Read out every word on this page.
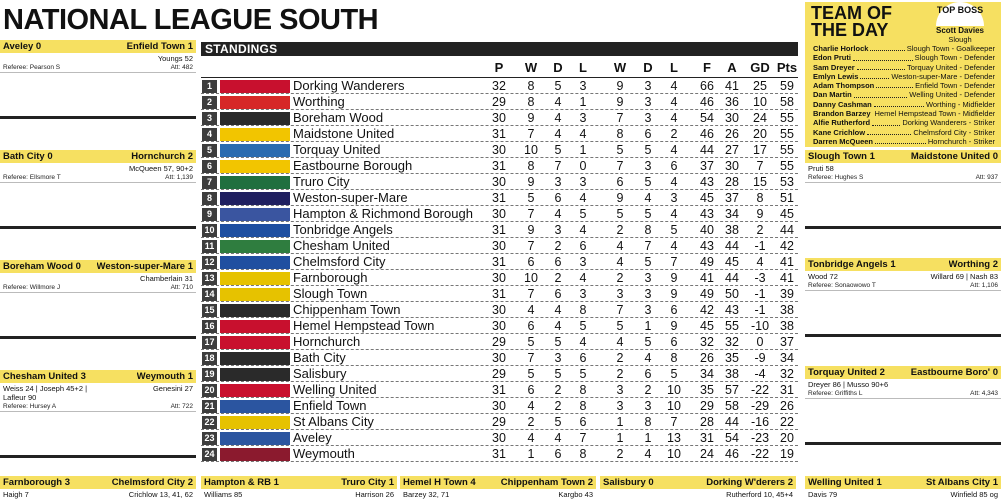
NATIONAL LEAGUE SOUTH
Aveley 0	Enfield Town 1
Youngs 52
Referee: Pearson S	Att: 482
Bath City 0	Hornchurch 2
McQueen 57, 90+2
Referee: Ellsmore T	Att: 1,139
Boreham Wood 0 Weston-super-Mare 1
Chamberlain 31
Referee: Willmore J	Att: 710
Chesham United 3	Weymouth 1
Weiss 24 | Joseph 45+2 | Lafleur 90
Genesini 27
Referee: Hursey A	Att: 722
STANDINGS
P	W	D	L	W	D	L	F	A	GD Pts
1	Dorking Wanderers	32	8	5	3	9	3	4	66 41	25	59
2	Worthing	29	8	4	1	9	3	4	46 36	10	58
3	Boreham Wood	30	9	4	3	7	3	4	54 30	24	55
4	Maidstone United	31	7	4	4	8	6	2	46 26	20	55
5	Torquay United	30	10	5	1	5	5	4	44 27	17	55
6	Eastbourne Borough	31	8	7	0	7	3	6	37 30	7	55
7	Truro City	30	9	3	3	6	5	4	43 28	15	53
8	Weston-super-Mare	31	5	6	4	9	4	3	45 37	8	51
9	Hampton & Richmond Borough	30	7	4	5	5	5	4	43 34	9	45
10	Tonbridge Angels	31	9	3	4	2	8	5	40 38	2	44
11	Chesham United	30	7	2	6	4	7	4	43 44	-1	42
12	Chelmsford City	31	6	6	3	4	5	7	49 45	4	41
13	Farnborough	30	10	2	4	2	3	9	41 44	-3	41
14	Slough Town	31	7	6	3	3	3	9	49 50	-1	39
15	Chippenham Town	30	4	4	8	7	3	6	42 43	-1	38
16	Hemel Hempstead Town	30	6	4	5	5	1	9	45 55 -10 38
17	Hornchurch	29	5	5	4	4	5	6	32 32	0	37
18	Bath City	30	7	3	6	2	4	8	26 35	-9	34
19	Salisbury	29	5	5	5	2	6	5	34 38	-4	32
20	Welling United	31	6	2	8	3	2	10	35 57 -22 31
21	Enfield Town	30	4	2	8	3	3	10	29 58 -29 26
22	St Albans City	29	2	5	6	1	8	7	28 44 -16 22
23	Aveley	30	4	4	7	1	1	13	31 54 -23 20
24	Weymouth	31	1	6	8	2	4	10	24 46 -22 19
TEAM OF THE DAY
TOP BOSS
Scott Davies
Slough
Charlie Horlock	Slough Town - Goalkeeper
Edon Pruti	Slough Town - Defender
Sam Dreyer	Torquay United - Defender
Emlyn Lewis	Weston-super-Mare - Defender
Adam Thompson	Enfield Town - Defender
Dan Martin	Welling United - Defender
Danny Cashman	Worthing - Midfielder
Brandon Barzey Hemel Hempstead Town - Midfielder
Alfie Rutherford	Dorking Wanderers - Striker
Kane Crichlow	Chelmsford City - Striker
Darren McQueen	Hornchurch - Striker
Slough Town 1	Maidstone United 0
Pruti 58
Referee: Hughes S	Att: 937
Tonbridge Angels 1	Worthing 2
Wood 72	Willard 69 | Nash 83
Referee: Sonaowowo T	Att: 1,106
Torquay United 2	Eastbourne Boro' 0
Dreyer 86 | Musso 90+6
Referee: Griffiths L	Att: 4,343
Farnborough 3	Chelmsford City 2
Haigh 7	Crichlow 13, 41, 62
Hampton & RB 1	Truro City 1
Williams 85	Harrison 26
Hemel H Town 4	Chippenham Town 2
Barzey 32, 71	Kargbo 43
Salisbury 0	Dorking W'derers 2
Rutherford 10, 45+4
Welling United 1	St Albans City 1
Davis 79	Winfield 85 og
